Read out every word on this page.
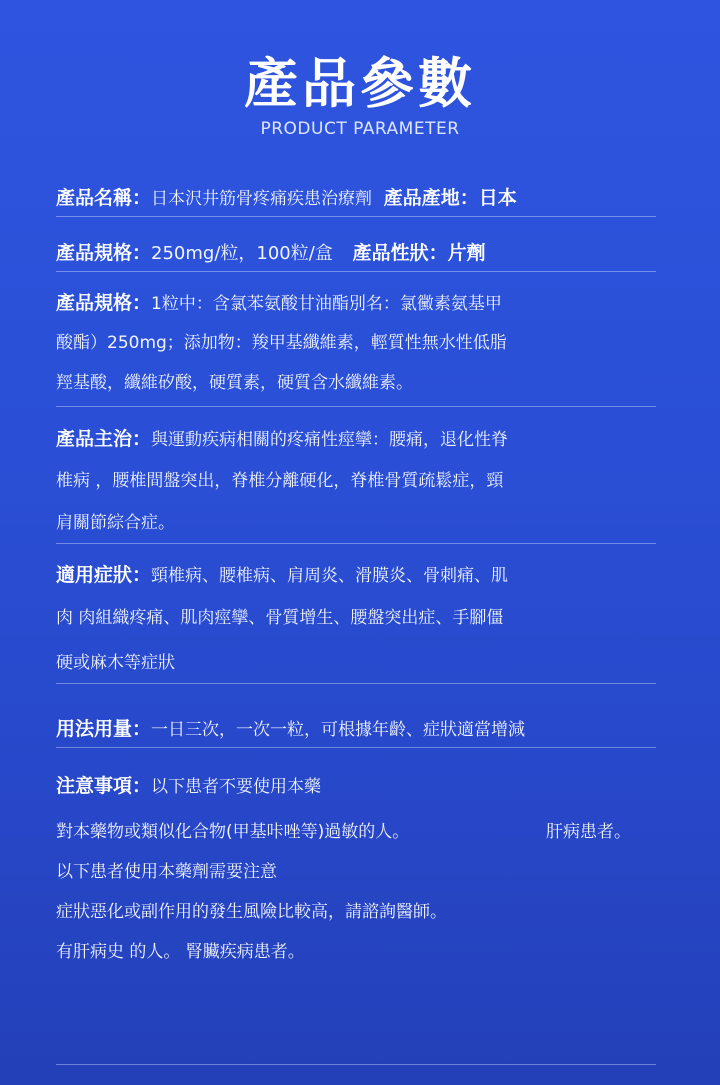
產品參數
PRODUCT PARAMETER
產品名稱：日本沢井筋骨疼痛疾患治療劑 產品產地：日本
產品規格：250mg/粒，100粒/盒 產品性狀：片劑
產品規格：1粒中：含氯苯氨酸甘油酯別名：氯黴素氨基甲
酸酯）250mg；添加物：羧甲基纖維素，輕質性無水性低脂
羥基酸，纖維矽酸，硬質素，硬質含水纖維素。
產品主治：與運動疾病相關的疼痛性痙攣：腰痛，退化性脊
椎病 ，腰椎間盤突出，脊椎分離硬化，脊椎骨質疏鬆症，頸
肩關節綜合症。
適用症狀：頸椎病、腰椎病、肩周炎、滑膜炎、骨刺痛、肌
肉 肉組織疼痛、肌肉痙攣、骨質增生、腰盤突出症、手腳僵
硬或麻木等症狀
用法用量：一日三次，一次一粒，可根據年齡、症狀適當增減
注意事項：以下患者不要使用本藥
對本藥物或類似化合物(甲基咔唑等)過敏的人。	肝病患者。
以下患者使用本藥劑需要注意
症狀惡化或副作用的發生風險比較高，請諮詢醫師。
有肝病史 的人。 腎臟疾病患者。
